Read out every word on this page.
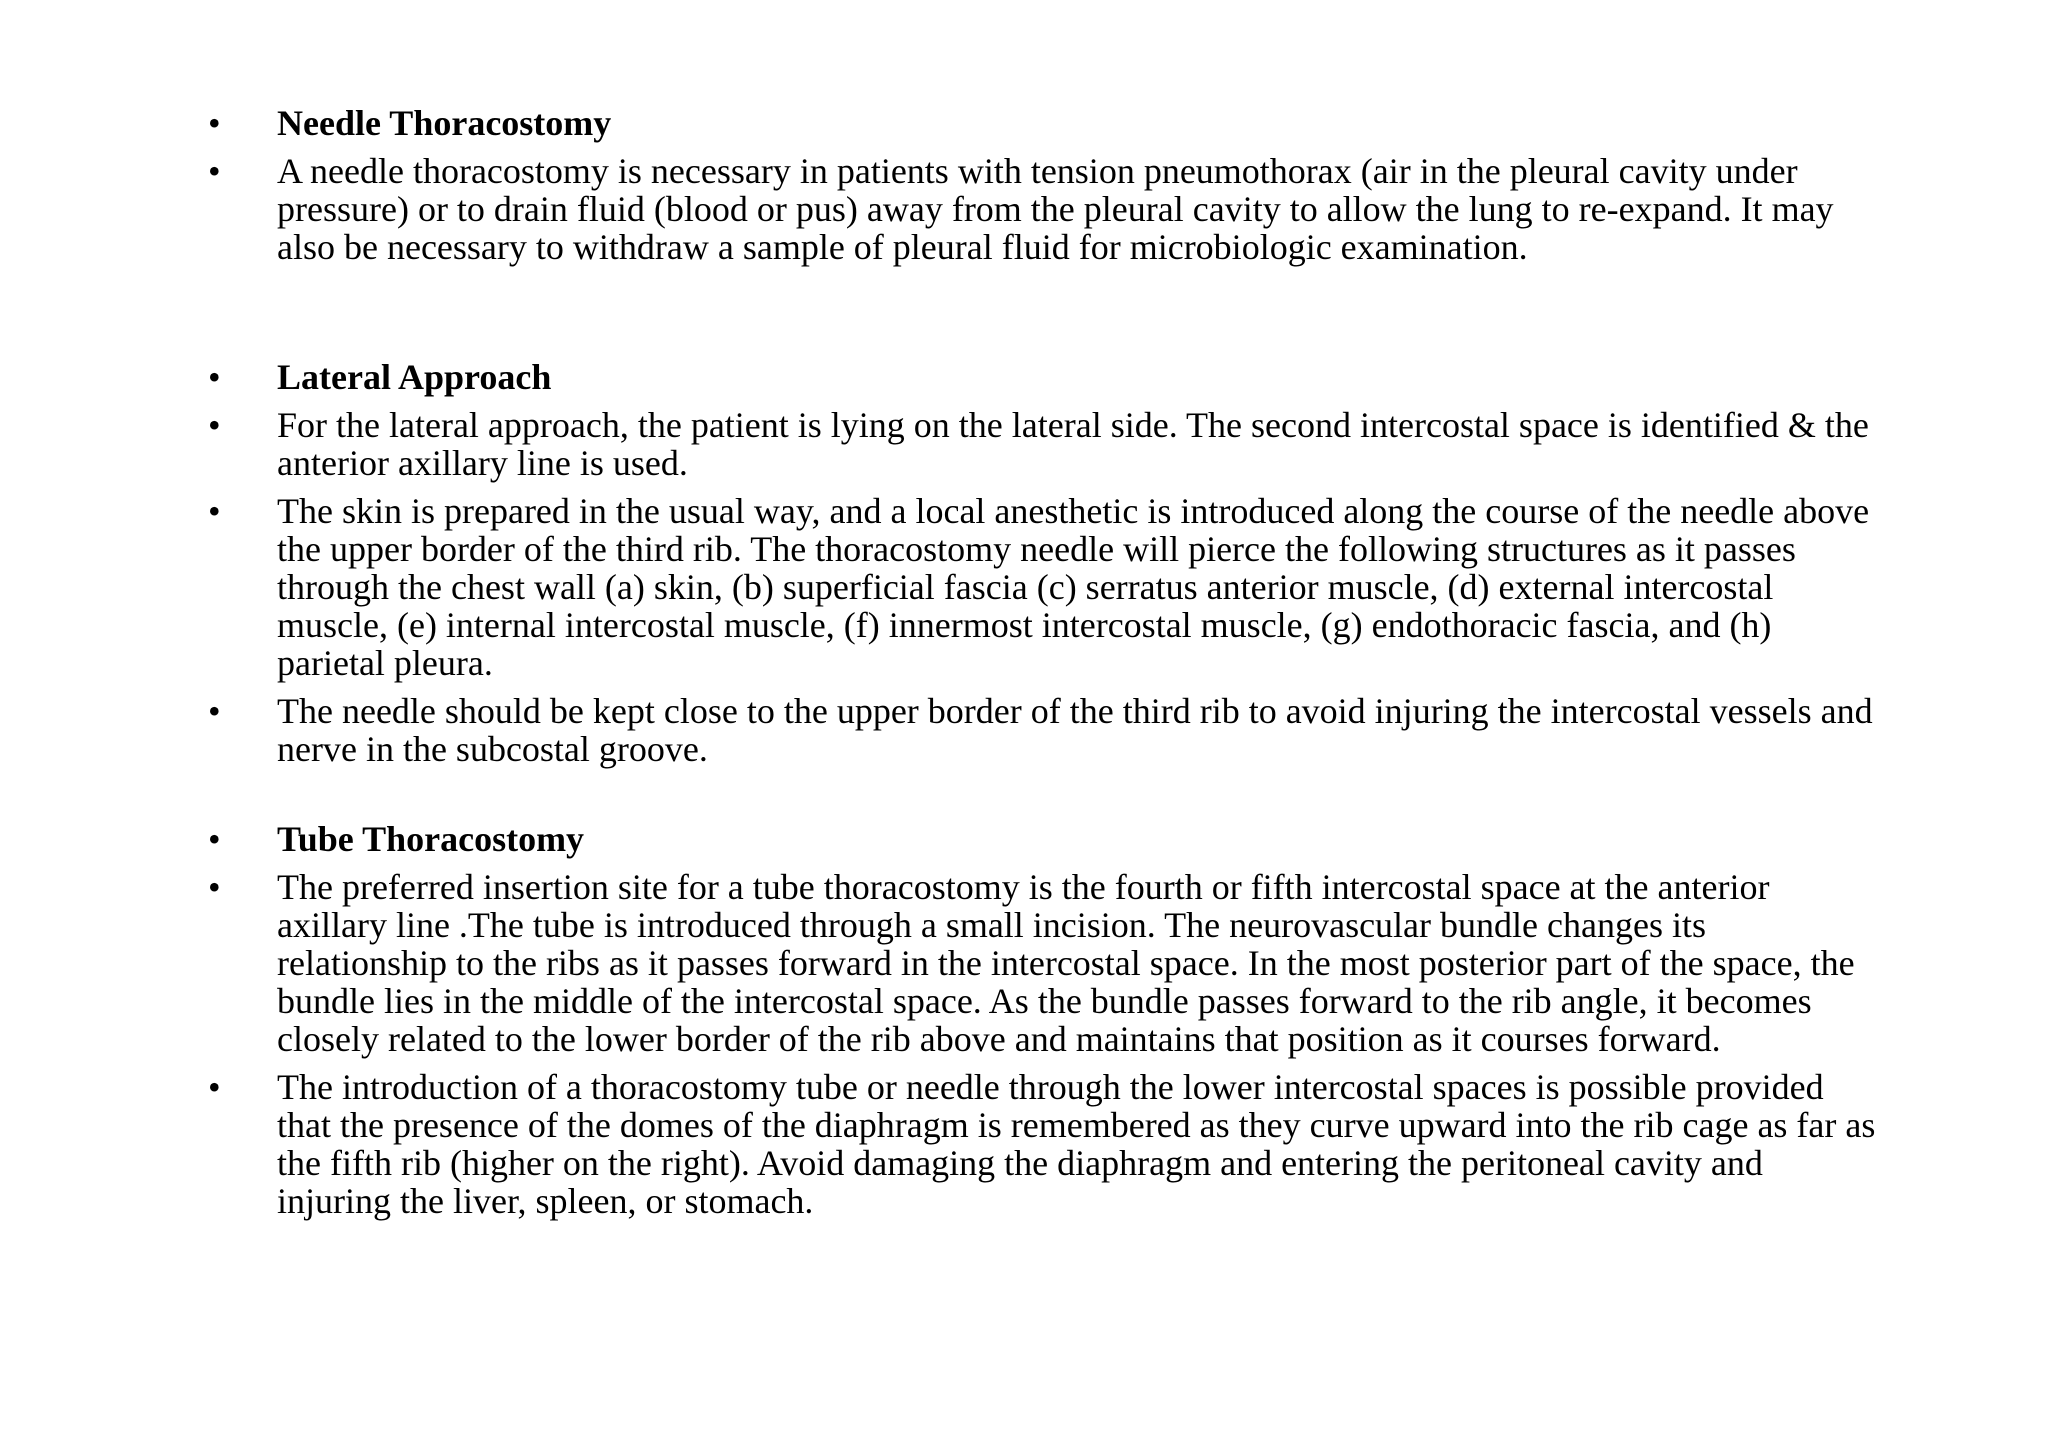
•	Needle Thoracostomy
•	A needle thoracostomy is necessary in patients with tension pneumothorax (air in the pleural cavity under pressure) or to drain fluid (blood or pus) away from the pleural cavity to allow the lung to re-expand. It may also be necessary to withdraw a sample of pleural fluid for microbiologic examination.
•	Lateral Approach
•	For the lateral approach, the patient is lying on the lateral side. The second intercostal space is identified & the anterior axillary line is used.
•	The skin is prepared in the usual way, and a local anesthetic is introduced along the course of the needle above the upper border of the third rib. The thoracostomy needle will pierce the following structures as it passes through the chest wall (a) skin, (b) superficial fascia (c) serratus anterior muscle, (d) external intercostal muscle, (e) internal intercostal muscle, (f) innermost intercostal muscle, (g) endothoracic fascia, and (h) parietal pleura.
•	The needle should be kept close to the upper border of the third rib to avoid injuring the intercostal vessels and nerve in the subcostal groove.
•	Tube Thoracostomy
•	The preferred insertion site for a tube thoracostomy is the fourth or fifth intercostal space at the anterior axillary line .The tube is introduced through a small incision. The neurovascular bundle changes its relationship to the ribs as it passes forward in the intercostal space. In the most posterior part of the space, the bundle lies in the middle of the intercostal space. As the bundle passes forward to the rib angle, it becomes closely related to the lower border of the rib above and maintains that position as it courses forward.
•	The introduction of a thoracostomy tube or needle through the lower intercostal spaces is possible provided that the presence of the domes of the diaphragm is remembered as they curve upward into the rib cage as far as the fifth rib (higher on the right). Avoid damaging the diaphragm and entering the peritoneal cavity and injuring the liver, spleen, or stomach.
